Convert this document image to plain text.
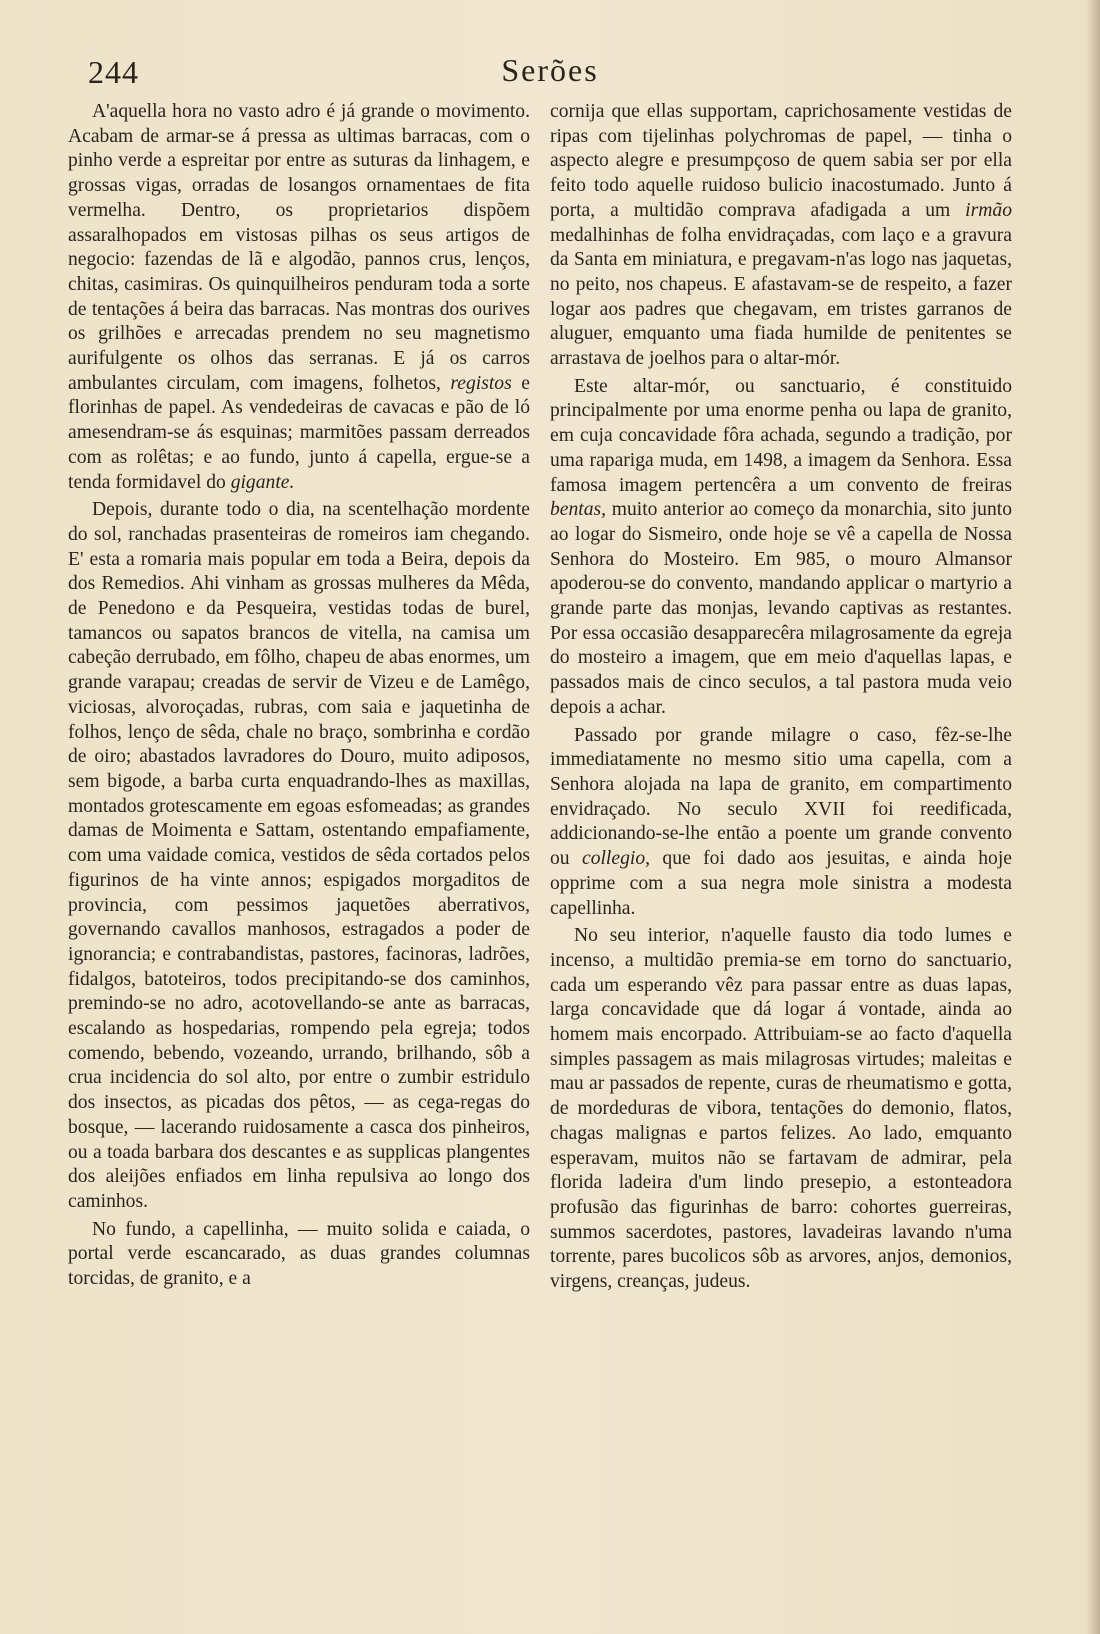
244	Serões

A'aquella hora no vasto adro é já grande o movimento. Acabam de armar-se á pressa as ultimas barracas, com o pinho verde a espreitar por entre as suturas da linhagem, e grossas vigas, orradas de losangos ornamentaes de fita vermelha. Dentro, os proprietarios dispõem assaralhopados em vistosas pilhas os seus artigos de negocio: fazendas de lã e algodão, pannos crus, lenços, chitas, casimiras. Os quinquilheiros penduram toda a sorte de tentações á beira das barracas. Nas montras dos ourives os grilhões e arrecadas prendem no seu magnetismo aurifulgente os olhos das serranas. E já os carros ambulantes circulam, com imagens, folhetos, registos e florinhas de papel. As vendedeiras de cavacas e pão de ló amesendram-se ás esquinas; marmitões passam derreados com as rolêtas; e ao fundo, junto á capella, ergue-se a tenda formidavel do gigante.

Depois, durante todo o dia, na scentelhação mordente do sol, ranchadas prasenteiras de romeiros iam chegando. E' esta a romaria mais popular em toda a Beira, depois da dos Remedios. Ahi vinham as grossas mulheres da Mêda, de Penedono e da Pesqueira, vestidas todas de burel, tamancos ou sapatos brancos de vitella, na camisa um cabeção derrubado, em fôlho, chapeu de abas enormes, um grande varapau; creadas de servir de Vizeu e de Lamêgo, viciosas, alvoroçadas, rubras, com saia e jaquetinha de folhos, lenço de sêda, chale no braço, sombrinha e cordão de oiro; abastados lavradores do Douro, muito adiposos, sem bigode, a barba curta enquadrando-lhes as maxillas, montados grotescamente em egoas esfomeadas; as grandes damas de Moimenta e Sattam, ostentando empafiamente, com uma vaidade comica, vestidos de sêda cortados pelos figurinos de ha vinte annos; espigados morgaditos de provincia, com pessimos jaquetões aberrativos, governando cavallos manhosos, estragados a poder de ignorancia; e contrabandistas, pastores, facinoras, ladrões, fidalgos, batoteiros, todos precipitando-se dos caminhos, premindo-se no adro, acotovellando-se ante as barracas, escalando as hospedarias, rompendo pela egreja; todos comendo, bebendo, vozeando, urrando, brilhando, sôb a crua incidencia do sol alto, por entre o zumbir estridulo dos insectos, as picadas dos pêtos, — as cega-regas do bosque, — lacerando ruidosamente a casca dos pinheiros, ou a toada barbara dos descantes e as supplicas plangentes dos aleijões enfiados em linha repulsiva ao longo dos caminhos.

No fundo, a capellinha, — muito solida e caiada, o portal verde escancarado, as duas grandes columnas torcidas, de granito, e a

cornija que ellas supportam, caprichosamente vestidas de ripas com tijelinhas polychromas de papel, — tinha o aspecto alegre e presumpçoso de quem sabia ser por ella feito todo aquelle ruidoso bulicio inacostumado. Junto á porta, a multidão comprava afadigada a um irmão medalhinhas de folha envidraçadas, com laço e a gravura da Santa em miniatura, e pregavam-n'as logo nas jaquetas, no peito, nos chapeus. E afastavam-se de respeito, a fazer logar aos padres que chegavam, em tristes garranos de aluguer, emquanto uma fiada humilde de penitentes se arrastava de joelhos para o altar-mór.

Este altar-mór, ou sanctuario, é constituido principalmente por uma enorme penha ou lapa de granito, em cuja concavidade fôra achada, segundo a tradição, por uma rapariga muda, em 1498, a imagem da Senhora. Essa famosa imagem pertencêra a um convento de freiras bentas, muito anterior ao começo da monarchia, sito junto ao logar do Sismeiro, onde hoje se vê a capella de Nossa Senhora do Mosteiro. Em 985, o mouro Almansor apoderou-se do convento, mandando applicar o martyrio a grande parte das monjas, levando captivas as restantes. Por essa occasião desapparecêra milagrosamente da egreja do mosteiro a imagem, que em meio d'aquellas lapas, e passados mais de cinco seculos, a tal pastora muda veio depois a achar.

Passado por grande milagre o caso, fêz-se-lhe immediatamente no mesmo sitio uma capella, com a Senhora alojada na lapa de granito, em compartimento envidraçado. No seculo XVII foi reedificada, addicionando-se-lhe então a poente um grande convento ou collegio, que foi dado aos jesuitas, e ainda hoje opprime com a sua negra mole sinistra a modesta capellinha.

No seu interior, n'aquelle fausto dia todo lumes e incenso, a multidão premia-se em torno do sanctuario, cada um esperando vêz para passar entre as duas lapas, larga concavidade que dá logar á vontade, ainda ao homem mais encorpado. Attribuiam-se ao facto d'aquella simples passagem as mais milagrosas virtudes; maleitas e mau ar passados de repente, curas de rheumatismo e gotta, de mordeduras de vibora, tentações do demonio, flatos, chagas malignas e partos felizes. Ao lado, emquanto esperavam, muitos não se fartavam de admirar, pela florida ladeira d'um lindo presepio, a estonteadora profusão das figurinhas de barro: cohortes guerreiras, summos sacerdotes, pastores, lavadeiras lavando n'uma torrente, pares bucolicos sôb as arvores, anjos, demonios, virgens, creanças, judeus.
